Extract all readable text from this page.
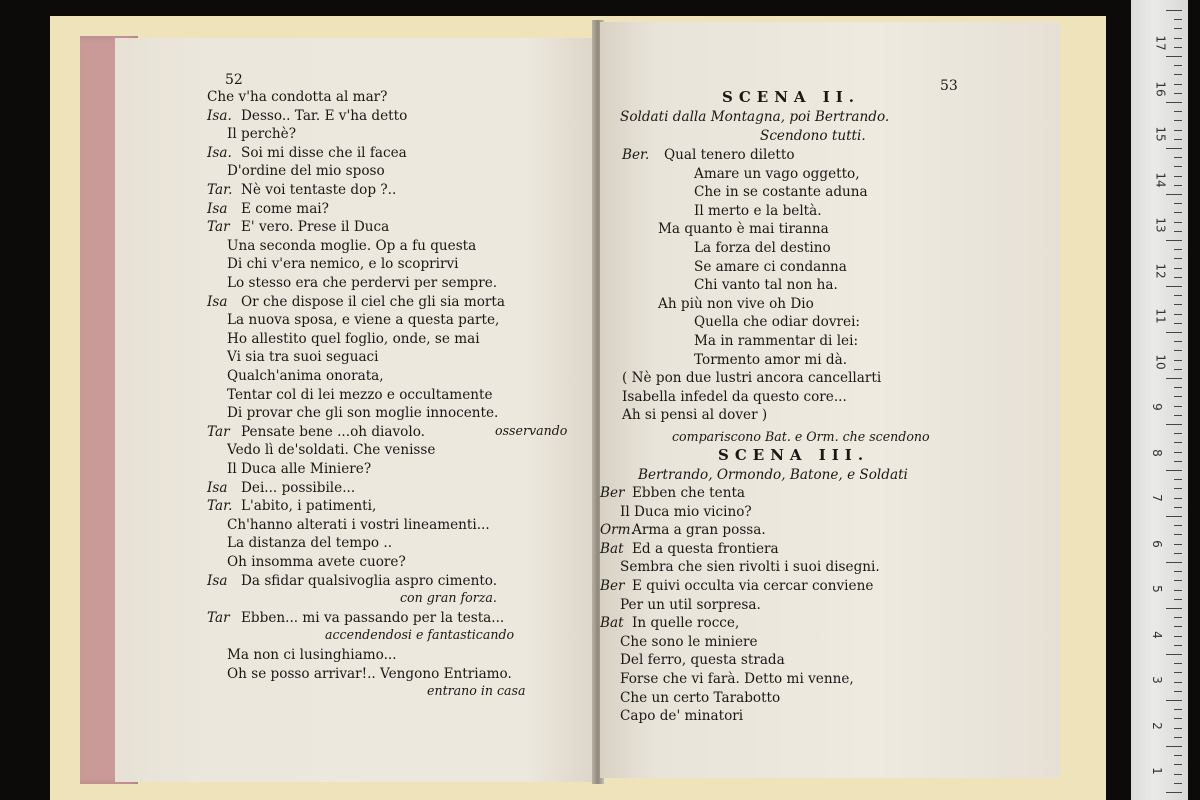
52
Che v'ha condotta al mar?
Isa. Desso.. Tar. E v'ha detto
Il perchè?
Isa. Soi mi disse che il facea
D'ordine del mio sposo
Tar. Nè voi tentaste dop ?..
Isa E come mai?
Tar E' vero. Prese il Duca
Una seconda moglie. Op a fu questa
Di chi v'era nemico, e lo scoprirvi
Lo stesso era che perdervi per sempre.
Isa Or che dispose il ciel che gli sia morta
La nuova sposa, e viene a questa parte,
Ho allestito quel foglio, onde, se mai
Vi sia tra suoi seguaci
Qualch'anima onorata,
Tentar col di lei mezzo e occultamente
Di provar che gli son moglie innocente.
Tar Pensate bene ...oh diavolo.
Vedo lì de'soldati. Che venisse
Il Duca alle Miniere?
Isa Dei... possibile...
Tar. L'abito, i patimenti,
Ch'hanno alterati i vostri lineamenti...
La distanza del tempo ..
Oh insomma avete cuore?
Isa Da sfidar qualsivoglia aspro cimento.
Tar Ebben... mi va passando per la testa...
Ma non ci lusinghiamo...
Oh se posso arrivar!.. Vengono Entriamo.
osservando
con gran forza.
accendendosi e fantasticando
entrano in casa
53
SCENA II.
Soldati dalla Montagna, poi Bertrando.
Scendono tutti.
Ber. Qual tenero diletto
Amare un vago oggetto,
Che in se costante aduna
Il merto e la beltà.
Ma quanto è mai tiranna
La forza del destino
Se amare ci condanna
Chi vanto tal non ha.
Ah più non vive oh Dio
Quella che odiar dovrei:
Ma in rammentar di lei:
Tormento amor mi dà.
( Nè pon due lustri ancora cancellarti
Isabella infedel da questo core...
Ah si pensi al dover )
compariscono Bat. e Orm. che scendono
SCENA III.
Bertrando, Ormondo, Batone, e Soldati
Ber Ebben che tenta
Il Duca mio vicino?
Orm.Arma a gran possa.
Bat Ed a questa frontiera
Sembra che sien rivolti i suoi disegni.
Ber E quivi occulta via cercar conviene
Per un util sorpresa.
Bat In quelle rocce,
Che sono le miniere
Del ferro, questa strada
Forse che vi farà. Detto mi venne,
Che un certo Tarabotto
Capo de' minatori
17
16
15
14
13
12
11
10
9
8
7
6
5
4
3
2
1
